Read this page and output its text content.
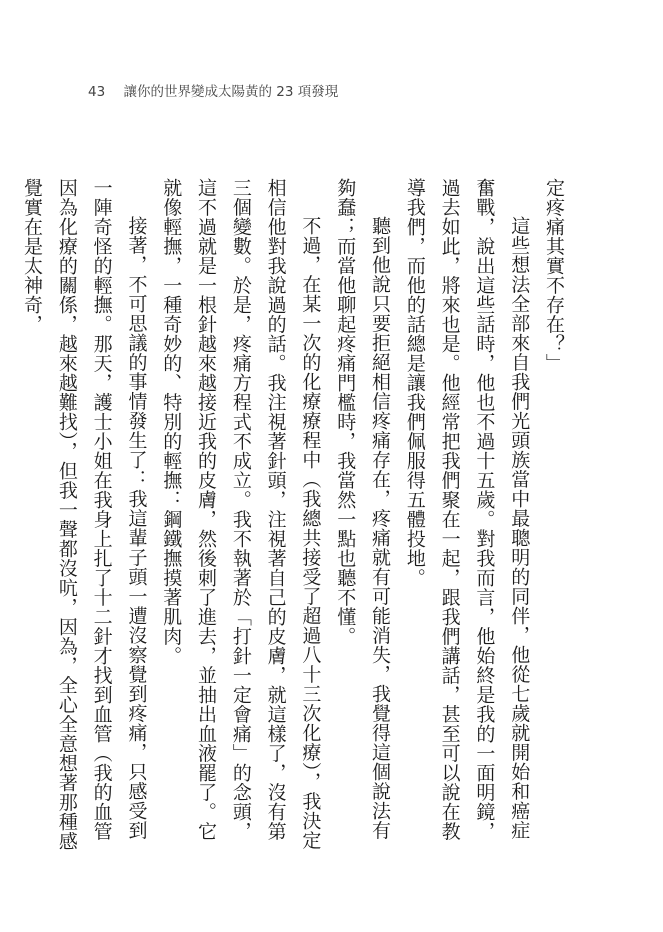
43 讓你的世界變成太陽黃的 23 項發現

定疼痛其實不存在？」

這些想法全部來自我們光頭族當中最聰明的同伴，他從七歲就開始和癌症奮戰，說出這些話時，他也不過十五歲。對我而言，他始終是我的一面明鏡，過去如此，將來也是。他經常把我們聚在一起，跟我們講話，甚至可以說在教導我們，而他的話總是讓我們佩服得五體投地。

聽到他說只要拒絕相信疼痛存在，疼痛就有可能消失，我覺得這個說法有夠蠢；而當他聊起疼痛門檻時，我當然一點也聽不懂。

不過，在某一次的化療療程中（我總共接受了超過八十三次化療），我決定相信他對我說過的話。我注視著針頭，注視著自己的皮膚，就這樣了，沒有第三個變數。於是，疼痛方程式不成立。我不執著於「打針一定會痛」的念頭，這不過就是一根針越來越接近我的皮膚，然後刺了進去，並抽出血液罷了。它就像輕撫，一種奇妙的、特別的輕撫：鋼鐵撫摸著肌肉。

接著，不可思議的事情發生了：我這輩子頭一遭沒察覺到疼痛，只感受到一陣奇怪的輕撫。那天，護士小姐在我身上扎了十二針才找到血管（我的血管因為化療的關係，越來越難找），但我一聲都沒吭，因為，全心全意想著那種感覺實在是太神奇，
